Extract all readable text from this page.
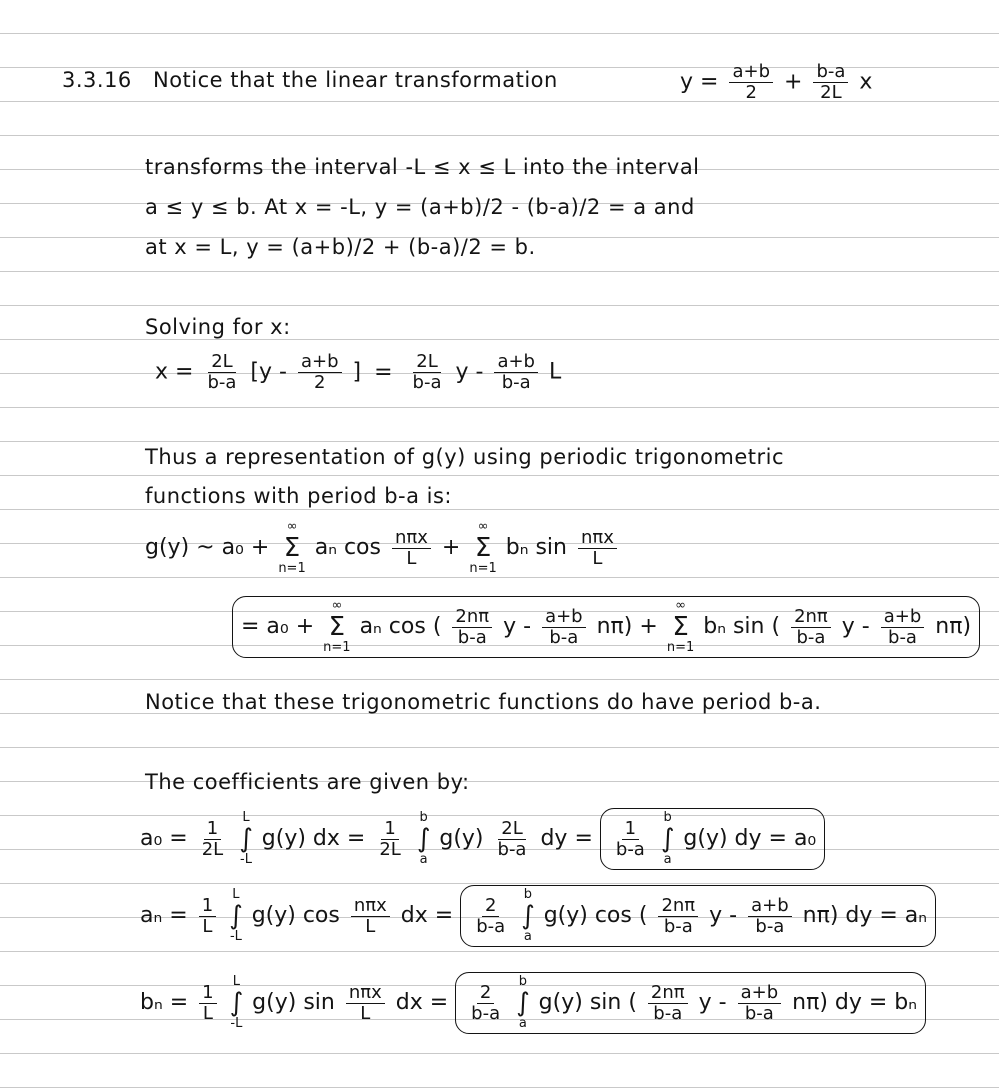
3.3.16 Notice that the linear transformation	$y = \frac{a+b}{2} + \frac{b-a}{2L}$ x
transforms the interval -L ≤ x ≤ L into the interval
a ≤ y ≤ b. At x = -L, y = (a+b)/2 - (b-a)/2 = a and
at x = L, y = (a+b)/2 + (b-a)/2 = b.
Solving for x:
$x = \frac{2L}{b-a} [y - \frac{a+b}{2}$ ] = $\frac{2L}{b-a}$ y - $\frac{a+b}{b-a}$ L
Thus a representation of g(y) using periodic trigonometric
functions with period b-a is:
g(y) ~ a₀ +
∞
Σ
n=1
aₙ $\cos \frac{\text{nπx}}{L}$ +
∞
Σ
n=1
bₙ $\sin \frac{\text{nπx}}{L}$
= a₀ +
∞
Σ
n=1
aₙ cos ( $\frac{2n\pi}{b-a}$ y - $\frac{a+b}{b-a} n\pi$) +
∞
Σ
n=1
bₙ sin ( $\frac{2n\pi}{b-a}$ y - $\frac{a+b}{b-a} n\pi$)
Notice that these trigonometric functions do have period b-a.
The coefficients are given by:
$a_0 = \frac{1}{2L}$

L
∫
-L
g(y) dx = $\frac{1}{2L}$

b
∫
a
$g(y) \frac{2L}{b-a}$ dy = $\frac{1}{b-a}$

b
∫
a
g(y) dy = a₀
$a_n = \frac{1}{L}$

L
∫
-L
g(y) $\cos \frac{\text{nπx}}{L}$ dx = $\frac{2}{b-a}$

b
∫
a
g(y) cos ( $\frac{2n\pi}{b-a}$ y - $\frac{a+b}{b-a} n\pi$) dy = aₙ
$b_n = \frac{1}{L}$

L
∫
-L
g(y) $\sin \frac{\text{nπx}}{L}$ dx = $\frac{2}{b-a}$

b
∫
a
g(y) sin ( $\frac{2n\pi}{b-a}$ y - $\frac{a+b}{b-a} n\pi$) dy = bₙ
